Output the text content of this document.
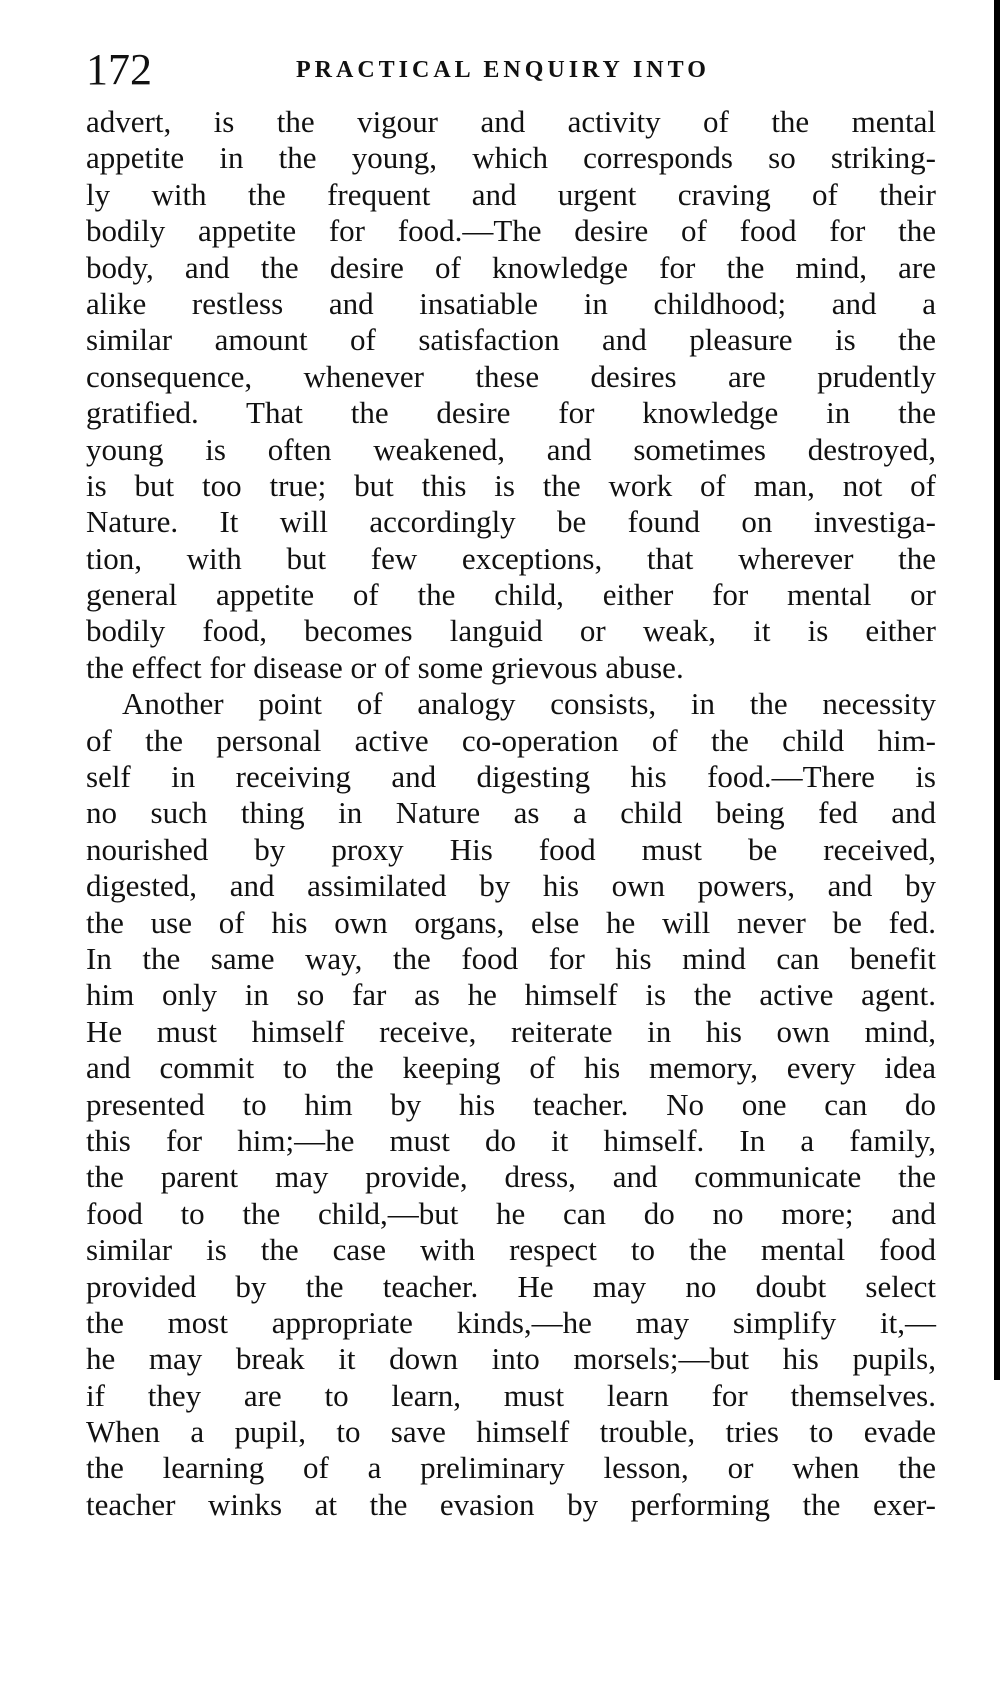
172	PRACTICAL ENQUIRY INTO
advert, is the vigour and activity of the mental
appetite in the young, which corresponds so striking-
ly with the frequent and urgent craving of their
bodily appetite for food.—The desire of food for the
body, and the desire of knowledge for the mind, are
alike restless and insatiable in childhood; and a
similar amount of satisfaction and pleasure is the
consequence, whenever these desires are prudently
gratified. That the desire for knowledge in the
young is often weakened, and sometimes destroyed,
is but too true; but this is the work of man, not of
Nature. It will accordingly be found on investiga-
tion, with but few exceptions, that wherever the
general appetite of the child, either for mental or
bodily food, becomes languid or weak, it is either
the effect for disease or of some grievous abuse.
Another point of analogy consists, in the necessity
of the personal active co-operation of the child him-
self in receiving and digesting his food.—There is
no such thing in Nature as a child being fed and
nourished by proxy His food must be received,
digested, and assimilated by his own powers, and by
the use of his own organs, else he will never be fed.
In the same way, the food for his mind can benefit
him only in so far as he himself is the active agent.
He must himself receive, reiterate in his own mind,
and commit to the keeping of his memory, every idea
presented to him by his teacher. No one can do
this for him;—he must do it himself. In a family,
the parent may provide, dress, and communicate the
food to the child,—but he can do no more; and
similar is the case with respect to the mental food
provided by the teacher. He may no doubt select
the most appropriate kinds,—he may simplify it,—
he may break it down into morsels;—but his pupils,
if they are to learn, must learn for themselves.
When a pupil, to save himself trouble, tries to evade
the learning of a preliminary lesson, or when the
teacher winks at the evasion by performing the exer-
